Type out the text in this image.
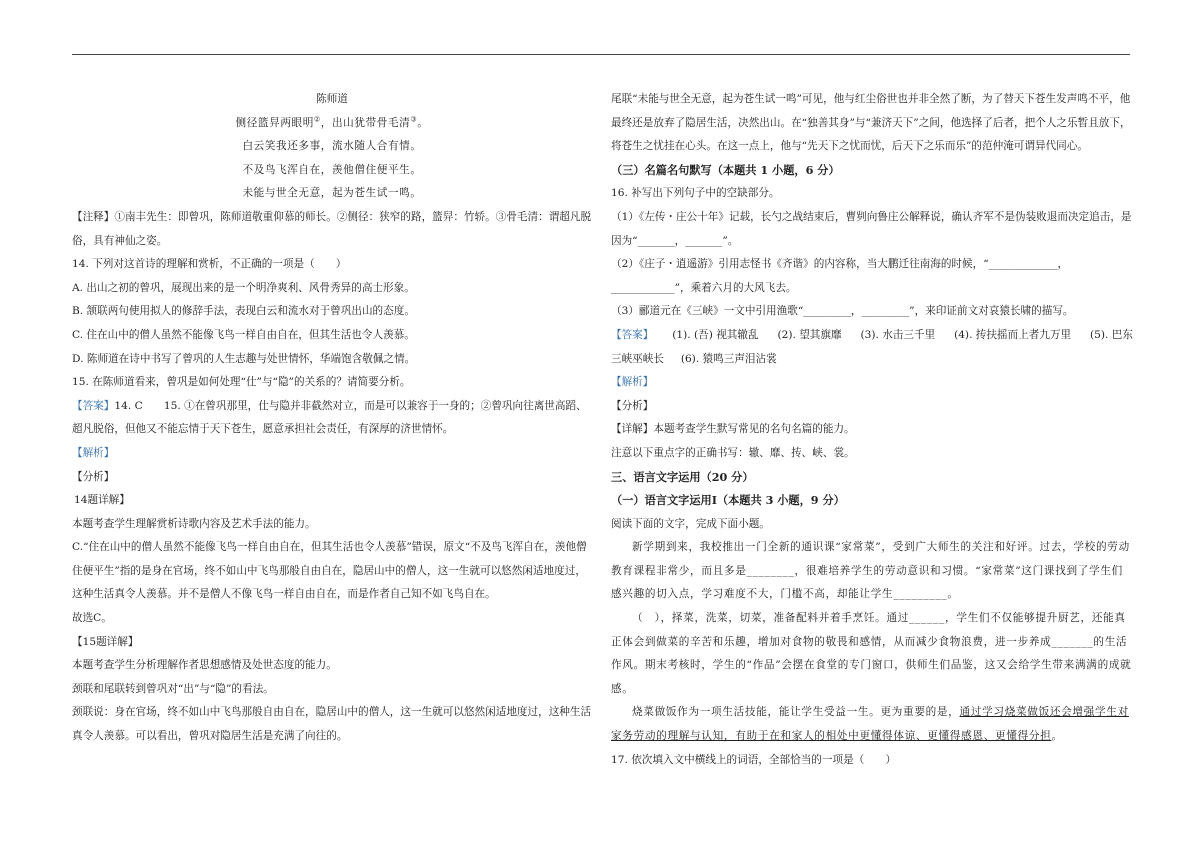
陈师道

侧径篮舁两眼明②，出山犹带骨毛清③。

白云笑我还多事，流水随人合有情。

不及鸟飞浑自在，羡他僧住便平生。

未能与世全无意，起为苍生试一鸣。

【注释】①南丰先生：即曾巩，陈师道敬重仰慕的师长。②侧径：狭窄的路，篮舁：竹轿。③骨毛清：谓超凡脱俗，具有神仙之姿。

14. 下列对这首诗的理解和赏析，不正确的一项是（　　）

A. 出山之初的曾巩，展现出来的是一个明净爽利、风骨秀异的高士形象。

B. 颔联两句使用拟人的修辞手法，表现白云和流水对于曾巩出山的态度。

C. 住在山中的僧人虽然不能像飞鸟一样自由自在，但其生活也令人羡慕。

D. 陈师道在诗中书写了曾巩的人生志趣与处世情怀，华端饱含敬佩之情。

15. 在陈师道看来，曾巩是如何处理“仕”与“隐”的关系的？请简要分析。

【答案】14. C　　15. ①在曾巩那里，仕与隐并非截然对立，而是可以兼容于一身的；②曾巩向往离世高蹈、超凡脱俗，但他又不能忘情于天下苍生，愿意承担社会责任，有深厚的济世情怀。

【解析】

【分析】

14题详解】

本题考查学生理解赏析诗歌内容及艺术手法的能力。

C.“住在山中的僧人虽然不能像飞鸟一样自由自在，但其生活也令人羡慕”错误，原文“不及鸟飞浑自在，羡他僧住便平生”指的是身在官场，终不如山中飞鸟那般自由自在，隐居山中的僧人，这一生就可以悠然闲适地度过，这种生活真令人羡慕。并不是僧人不像飞鸟一样自由自在，而是作者自己知不如飞鸟自在。

故选C。

【15题详解】

本题考查学生分析理解作者思想感情及处世态度的能力。

颈联和尾联转到曾巩对“出”与“隐”的看法。

颈联说：身在官场，终不如山中飞鸟那般自由自在，隐居山中的僧人，这一生就可以悠然闲适地度过，这种生活真令人羡慕。可以看出，曾巩对隐居生活是充满了向往的。

尾联“未能与世全无意，起为苍生试一鸣”可见，他与红尘俗世也并非全然了断，为了替天下苍生发声鸣不平，他最终还是放弃了隐居生活，决然出山。在“独善其身”与“兼济天下”之间，他选择了后者，把个人之乐暂且放下，将苍生之忧挂在心头。在这一点上，他与“先天下之忧而忧，后天下之乐而乐”的范仲淹可谓异代同心。

（三）名篇名句默写（本题共 1 小题，6 分）

16. 补写出下列句子中的空缺部分。

（1）《左传・庄公十年》记载，长勺之战结束后，曹刿向鲁庄公解释说，确认齐军不是伪装败退而决定追击，是因为“_______，_______”。

（2）《庄子・逍遥游》引用志怪书《齐谐》的内容称，当大鹏迁往南海的时候，“_____________，____________”，乘着六月的大风飞去。

（3）郦道元在《三峡》一文中引用渔歌“_________，_________”，来印证前文对哀猿长啸的描写。

【答案】 (1). (吾) 视其辙乱 (2). 望其旗靡 (3). 水击三千里 (4). 抟扶摇而上者九万里 (5). 巴东

三峡巫峡长 (6). 猿鸣三声泪沾裳

【解析】

【分析】

【详解】本题考查学生默写常见的名句名篇的能力。

注意以下重点字的正确书写：辙、靡、抟、峡、裳。

三、语言文字运用（20 分）

（一）语言文字运用Ⅰ（本题共 3 小题，9 分）

阅读下面的文字，完成下面小题。

新学期到来，我校推出一门全新的通识课“家常菜”，受到广大师生的关注和好评。过去，学校的劳动教育课程非常少，而且多是________，很难培养学生的劳动意识和习惯。“家常菜”这门课找到了学生们感兴趣的切入点，学习难度不大，门槛不高，却能让学生_________。

（　），择菜，洗菜，切菜，准备配料并着手烹饪。通过______，学生们不仅能够提升厨艺，还能真正体会到做菜的辛苦和乐趣，增加对食物的敬畏和感情，从而减少食物浪费，进一步养成_______的生活作风。期末考核时，学生的“作品”会摆在食堂的专门窗口，供师生们品鉴，这又会给学生带来满满的成就感。

烧菜做饭作为一项生活技能，能让学生受益一生。更为重要的是，通过学习烧菜做饭还会增强学生对家务劳动的理解与认知，有助于在和家人的相处中更懂得体谅、更懂得感恩、更懂得分担。

17. 依次填入文中横线上的词语，全部恰当的一项是（　　）
